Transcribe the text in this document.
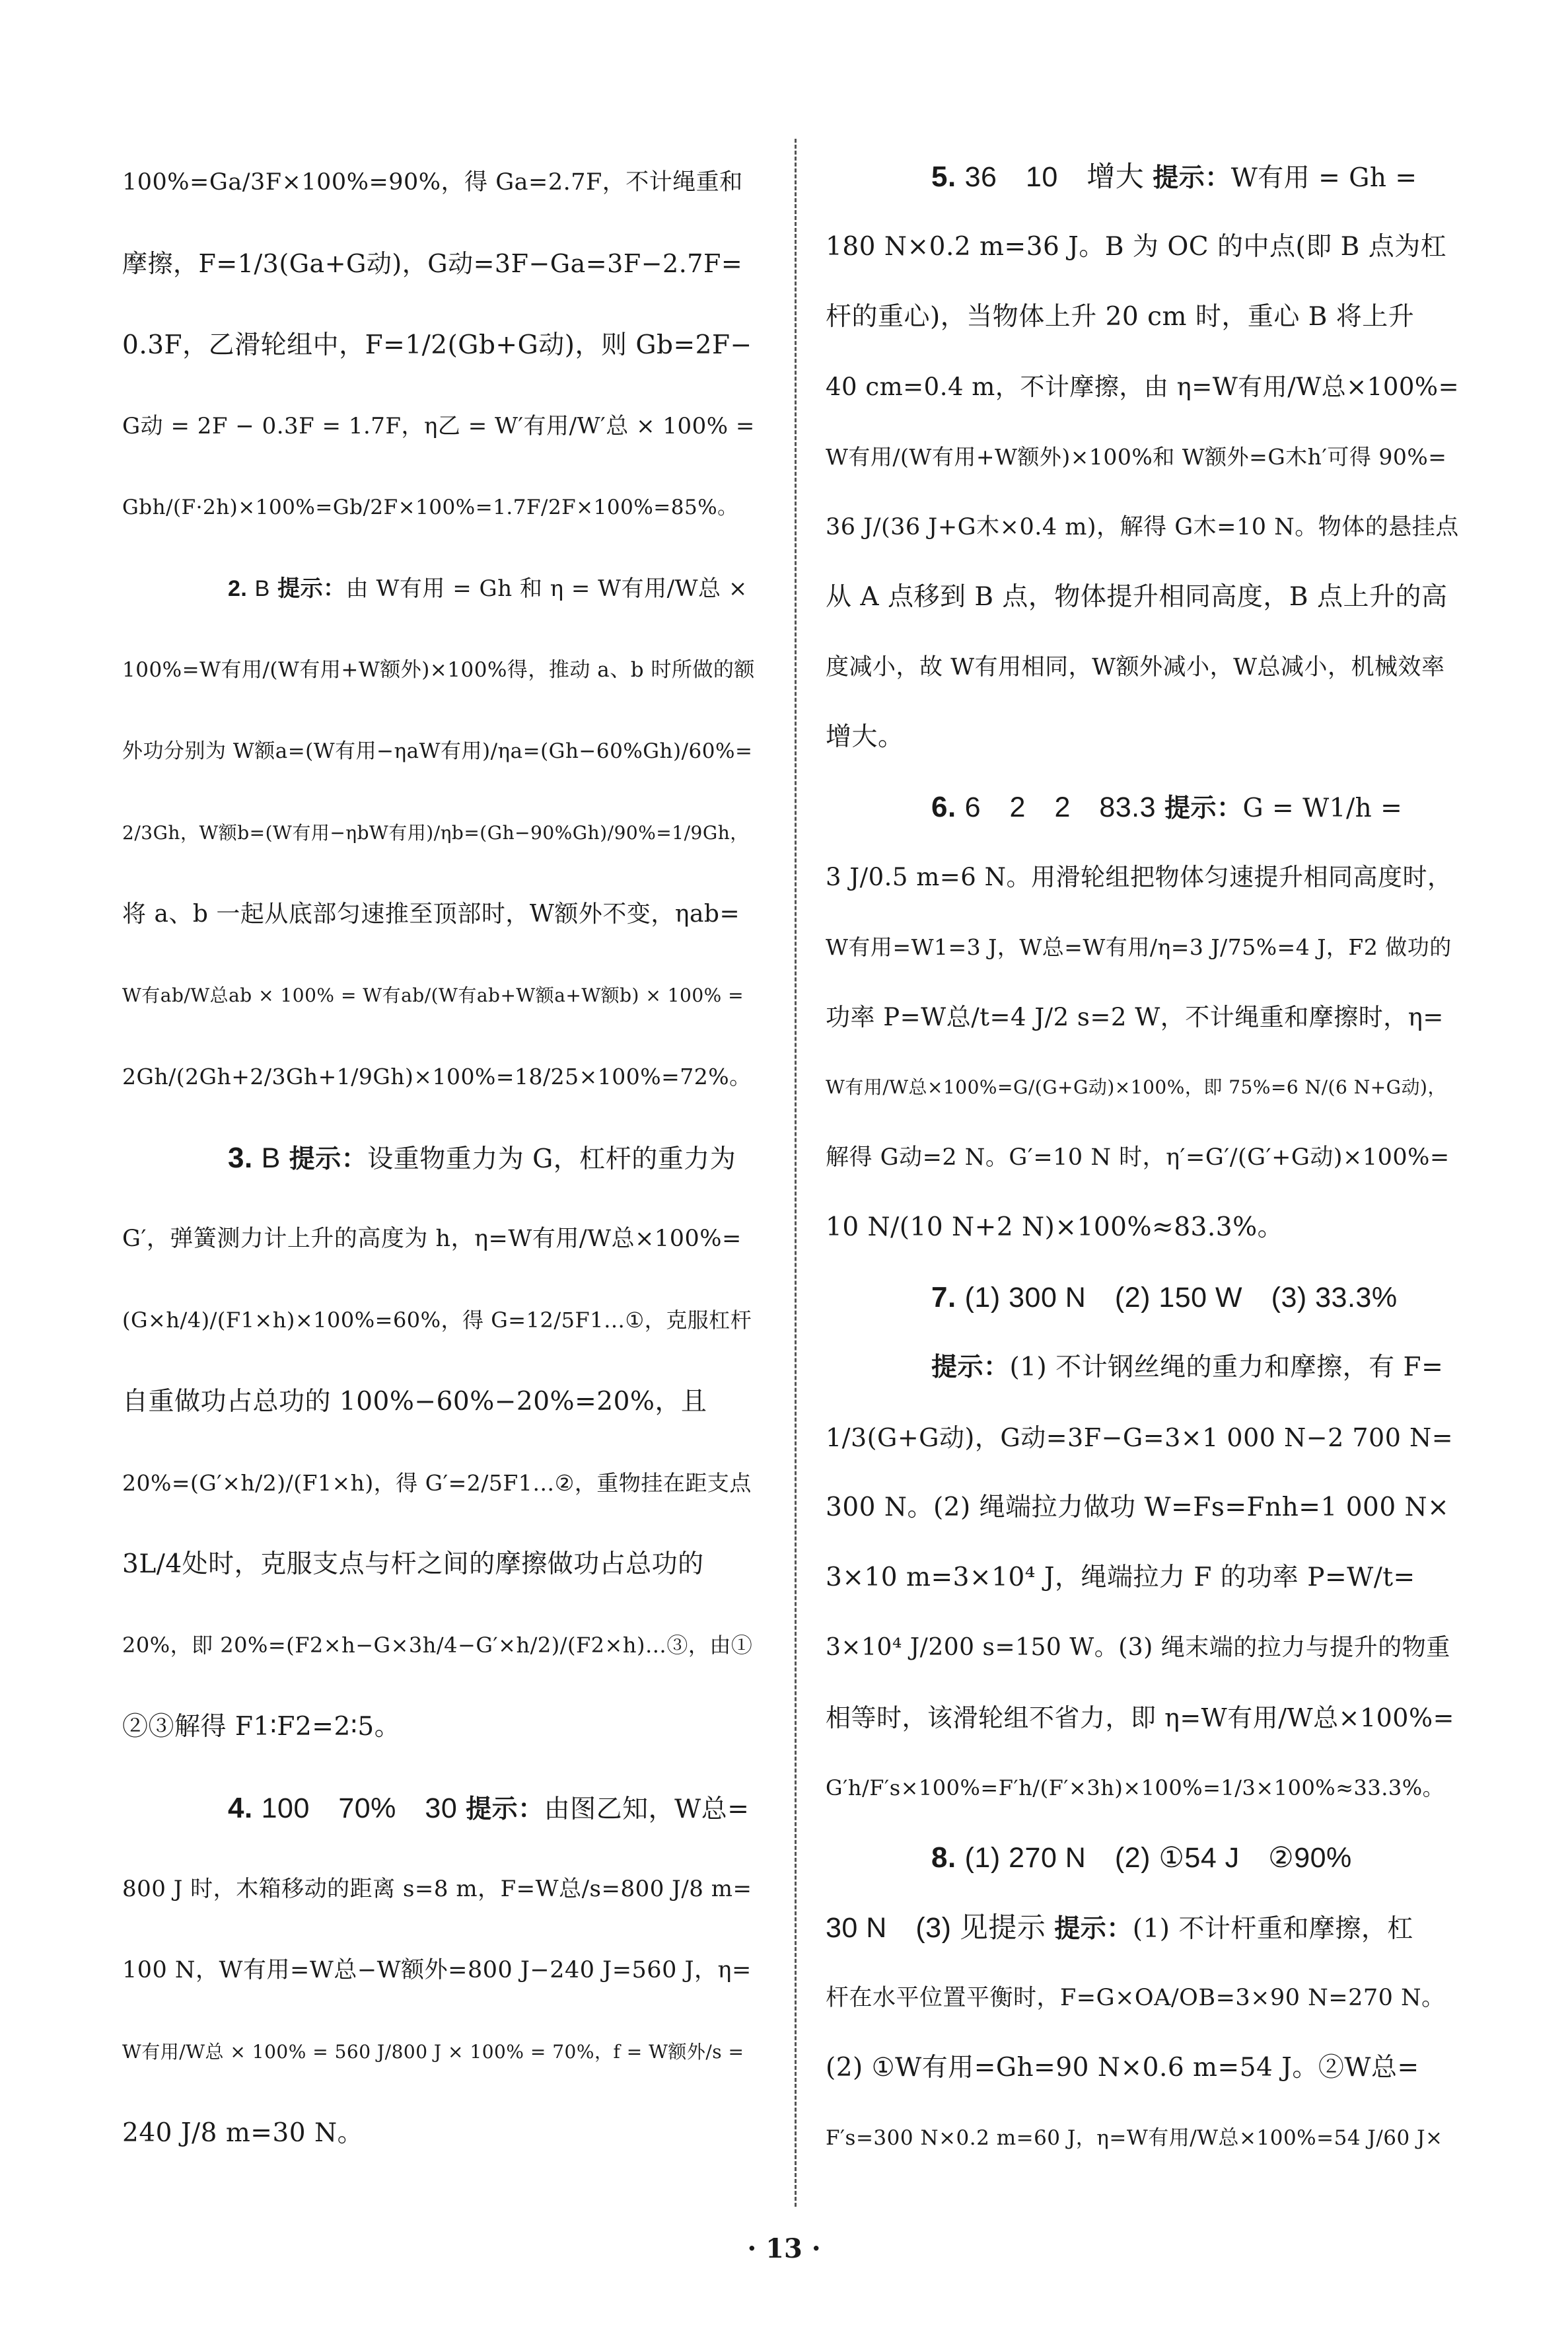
100%=Ga/3F×100%=90%，得 Ga=2.7F，不计绳重和
摩擦，F=1/3(Ga+G动)，G动=3F−Ga=3F−2.7F=
0.3F，乙滑轮组中，F=1/2(Gb+G动)，则 Gb=2F−
G动 = 2F − 0.3F = 1.7F，η乙 = W′有用/W′总 × 100% =
Gbh/(F·2h)×100%=Gb/2F×100%=1.7F/2F×100%=85%。
2. B 提示：由 W有用 = Gh 和 η = W有用/W总 ×
100%=W有用/(W有用+W额外)×100%得，推动 a、b 时所做的额
外功分别为 W额a=(W有用−ηaW有用)/ηa=(Gh−60%Gh)/60%=
2/3Gh，W额b=(W有用−ηbW有用)/ηb=(Gh−90%Gh)/90%=1/9Gh，
将 a、b 一起从底部匀速推至顶部时，W额外不变，ηab=
W有ab/W总ab × 100% = W有ab/(W有ab+W额a+W额b) × 100% =
2Gh/(2Gh+2/3Gh+1/9Gh)×100%=18/25×100%=72%。
3. B 提示：设重物重力为 G，杠杆的重力为
G′，弹簧测力计上升的高度为 h，η=W有用/W总×100%=
(G×h/4)/(F1×h)×100%=60%，得 G=12/5F1…①，克服杠杆
自重做功占总功的 100%−60%−20%=20%，且
20%=(G′×h/2)/(F1×h)，得 G′=2/5F1…②，重物挂在距支点
3L/4处时，克服支点与杆之间的摩擦做功占总功的
20%，即 20%=(F2×h−G×3h/4−G′×h/2)/(F2×h)…③，由①
②③解得 F1∶F2=2∶5。
4. 100　70%　30 提示：由图乙知，W总=
800 J 时，木箱移动的距离 s=8 m，F=W总/s=800 J/8 m=
100 N，W有用=W总−W额外=800 J−240 J=560 J，η=
W有用/W总 × 100% = 560 J/800 J × 100% = 70%，f = W额外/s =
240 J/8 m=30 N。
5. 36　10　增大 提示：W有用 = Gh =
180 N×0.2 m=36 J。B 为 OC 的中点(即 B 点为杠
杆的重心)，当物体上升 20 cm 时，重心 B 将上升
40 cm=0.4 m，不计摩擦，由 η=W有用/W总×100%=
W有用/(W有用+W额外)×100%和 W额外=G木h′可得 90%=
36 J/(36 J+G木×0.4 m)，解得 G木=10 N。物体的悬挂点
从 A 点移到 B 点，物体提升相同高度，B 点上升的高
度减小，故 W有用相同，W额外减小，W总减小，机械效率
增大。
6. 6　2　2　83.3 提示：G = W1/h =
3 J/0.5 m=6 N。用滑轮组把物体匀速提升相同高度时，
W有用=W1=3 J，W总=W有用/η=3 J/75%=4 J，F2 做功的
功率 P=W总/t=4 J/2 s=2 W，不计绳重和摩擦时，η=
W有用/W总×100%=G/(G+G动)×100%，即 75%=6 N/(6 N+G动)，
解得 G动=2 N。G′=10 N 时，η′=G′/(G′+G动)×100%=
10 N/(10 N+2 N)×100%≈83.3%。
7. (1) 300 N　(2) 150 W　(3) 33.3%
提示：(1) 不计钢丝绳的重力和摩擦，有 F=
1/3(G+G动)，G动=3F−G=3×1 000 N−2 700 N=
300 N。(2) 绳端拉力做功 W=Fs=Fnh=1 000 N×
3×10 m=3×10⁴ J，绳端拉力 F 的功率 P=W/t=
3×10⁴ J/200 s=150 W。(3) 绳末端的拉力与提升的物重
相等时，该滑轮组不省力，即 η=W有用/W总×100%=
G′h/F′s×100%=F′h/(F′×3h)×100%=1/3×100%≈33.3%。
8. (1) 270 N　(2) ①54 J　②90%
30 N　(3) 见提示 提示：(1) 不计杆重和摩擦，杠
杆在水平位置平衡时，F=G×OA/OB=3×90 N=270 N。
(2) ①W有用=Gh=90 N×0.6 m=54 J。②W总=
F′s=300 N×0.2 m=60 J，η=W有用/W总×100%=54 J/60 J×
· 13 ·
